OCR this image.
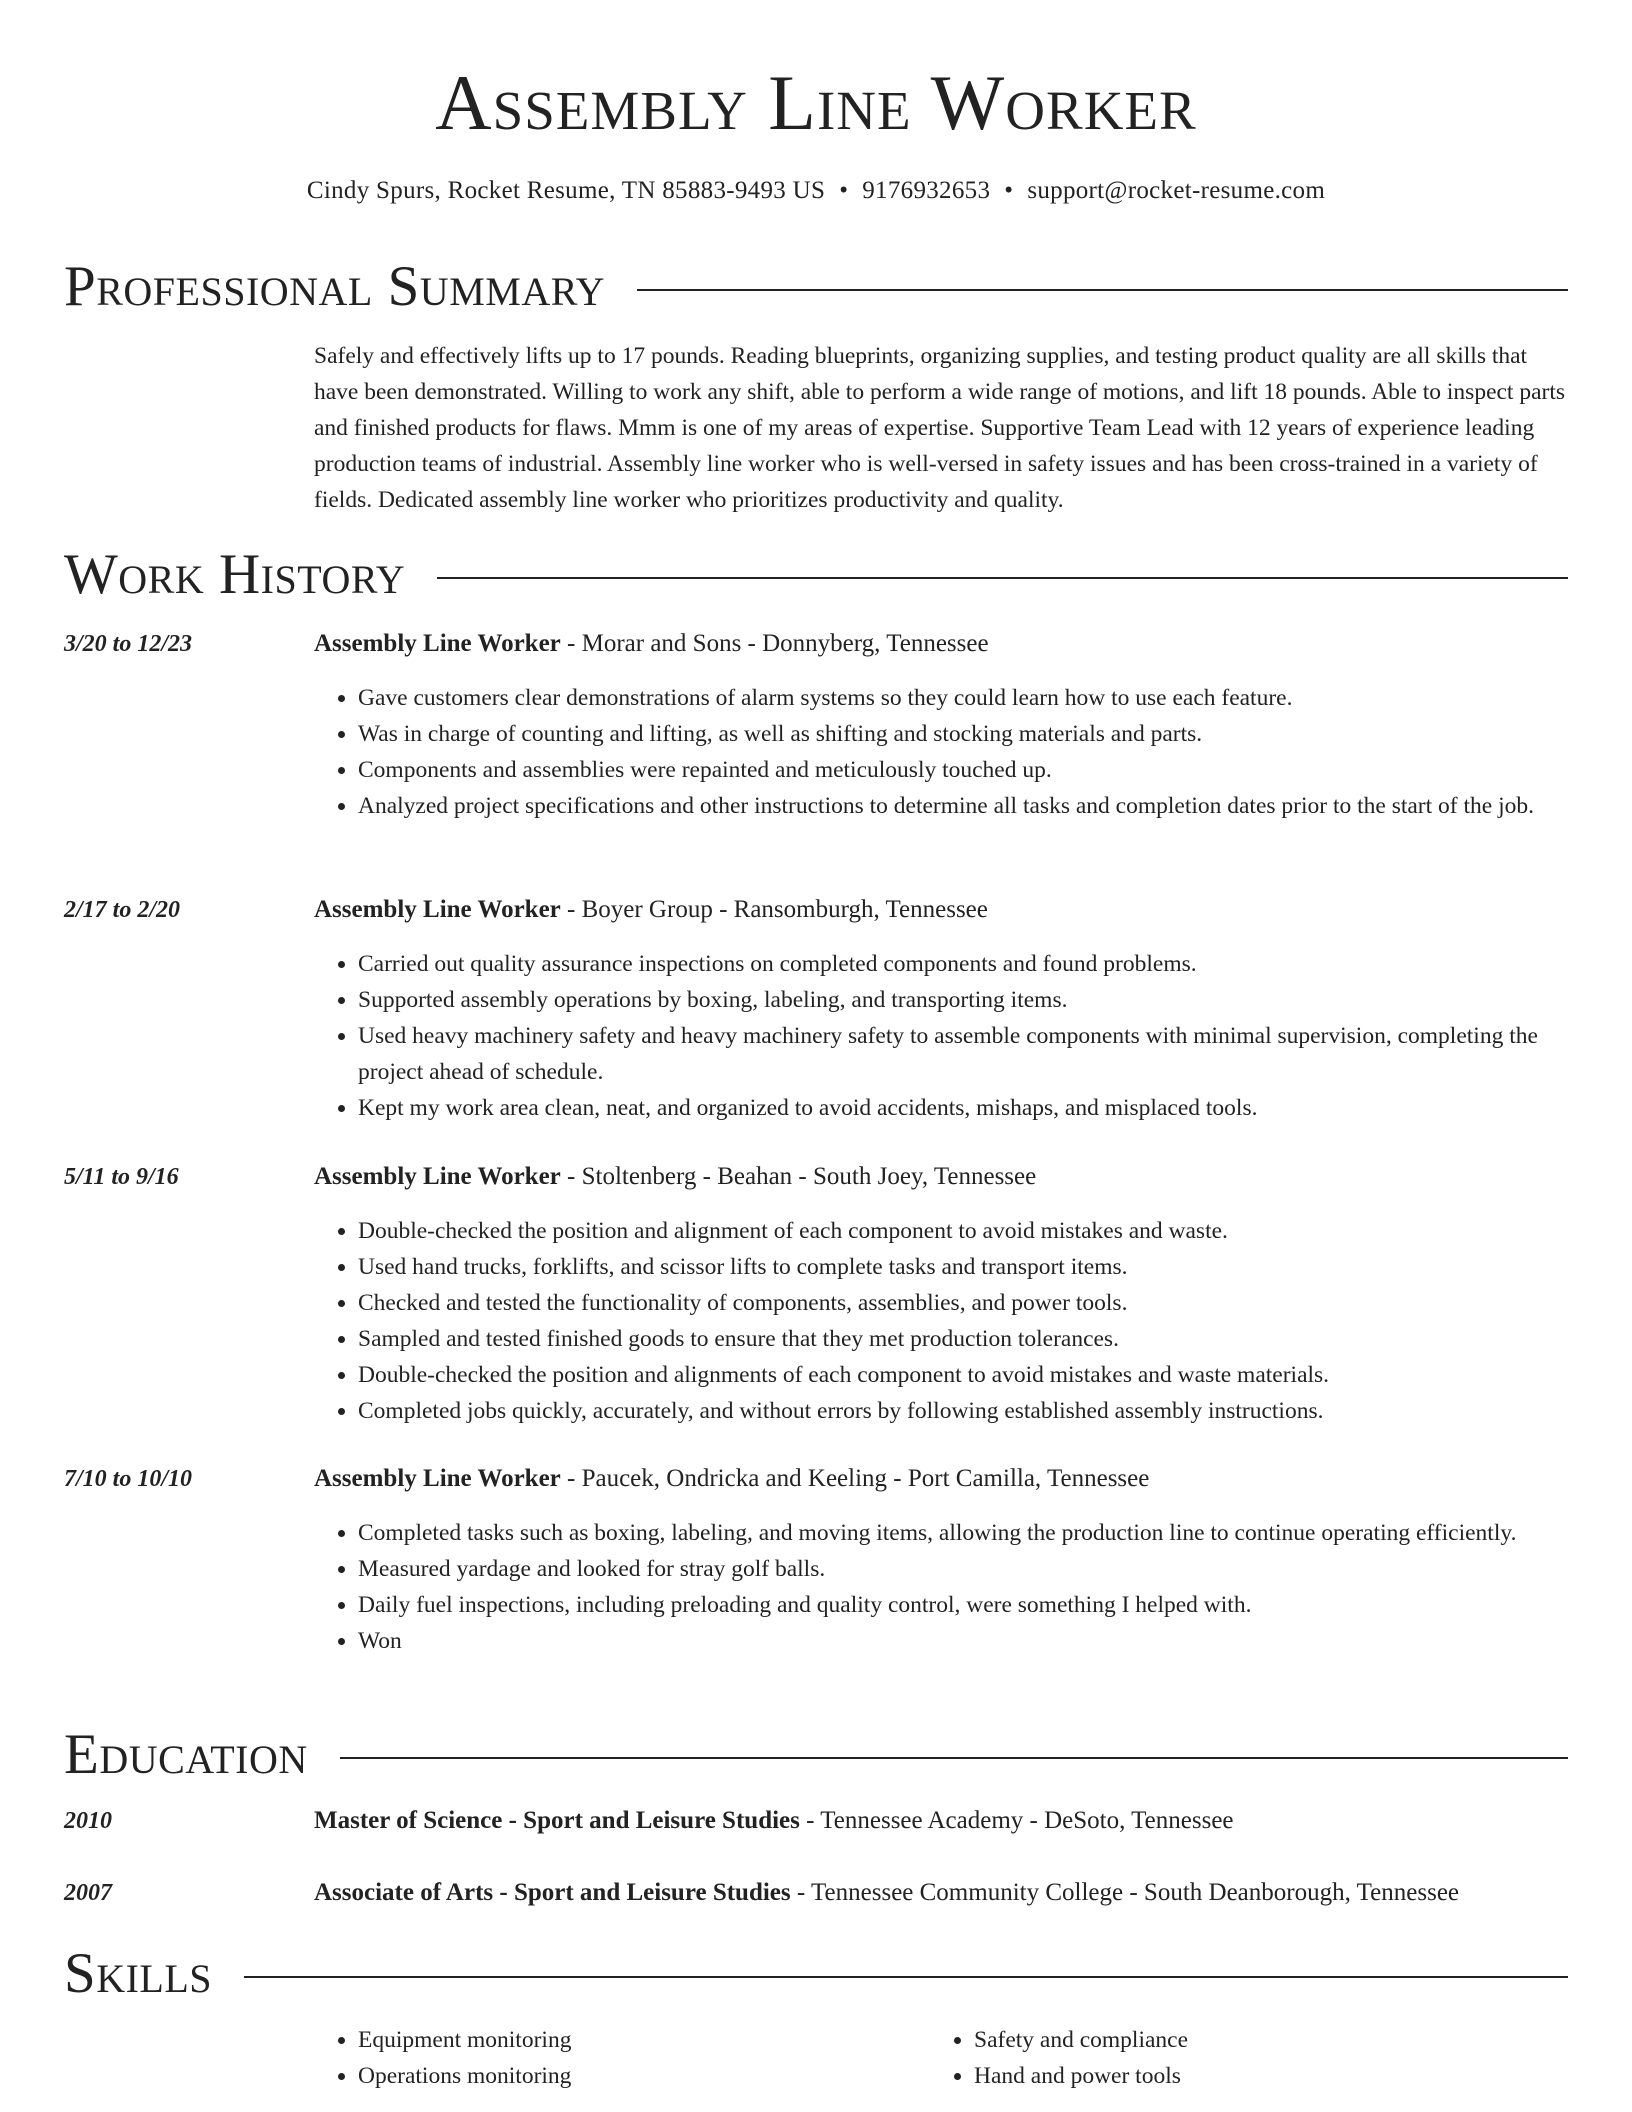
Assembly Line Worker
Cindy Spurs, Rocket Resume, TN 85883-9493 US • 9176932653 • support@rocket-resume.com
Professional Summary
Safely and effectively lifts up to 17 pounds. Reading blueprints, organizing supplies, and testing product quality are all skills that have been demonstrated. Willing to work any shift, able to perform a wide range of motions, and lift 18 pounds. Able to inspect parts and finished products for flaws. Mmm is one of my areas of expertise. Supportive Team Lead with 12 years of experience leading production teams of industrial. Assembly line worker who is well-versed in safety issues and has been cross-trained in a variety of fields. Dedicated assembly line worker who prioritizes productivity and quality.
Work History
3/20 to 12/23	Assembly Line Worker - Morar and Sons - Donnyberg, Tennessee
• Gave customers clear demonstrations of alarm systems so they could learn how to use each feature.
• Was in charge of counting and lifting, as well as shifting and stocking materials and parts.
• Components and assemblies were repainted and meticulously touched up.
• Analyzed project specifications and other instructions to determine all tasks and completion dates prior to the start of the job.
2/17 to 2/20	Assembly Line Worker - Boyer Group - Ransomburgh, Tennessee
• Carried out quality assurance inspections on completed components and found problems.
• Supported assembly operations by boxing, labeling, and transporting items.
• Used heavy machinery safety and heavy machinery safety to assemble components with minimal supervision, completing the project ahead of schedule.
• Kept my work area clean, neat, and organized to avoid accidents, mishaps, and misplaced tools.
5/11 to 9/16	Assembly Line Worker - Stoltenberg - Beahan - South Joey, Tennessee
• Double-checked the position and alignment of each component to avoid mistakes and waste.
• Used hand trucks, forklifts, and scissor lifts to complete tasks and transport items.
• Checked and tested the functionality of components, assemblies, and power tools.
• Sampled and tested finished goods to ensure that they met production tolerances.
• Double-checked the position and alignments of each component to avoid mistakes and waste materials.
• Completed jobs quickly, accurately, and without errors by following established assembly instructions.
7/10 to 10/10	Assembly Line Worker - Paucek, Ondricka and Keeling - Port Camilla, Tennessee
• Completed tasks such as boxing, labeling, and moving items, allowing the production line to continue operating efficiently.
• Measured yardage and looked for stray golf balls.
• Daily fuel inspections, including preloading and quality control, were something I helped with.
• Won
Education
2010	Master of Science - Sport and Leisure Studies - Tennessee Academy - DeSoto, Tennessee
2007	Associate of Arts - Sport and Leisure Studies - Tennessee Community College - South Deanborough, Tennessee
Skills
• Equipment monitoring
• Operations monitoring
• Safety and compliance
• Hand and power tools
